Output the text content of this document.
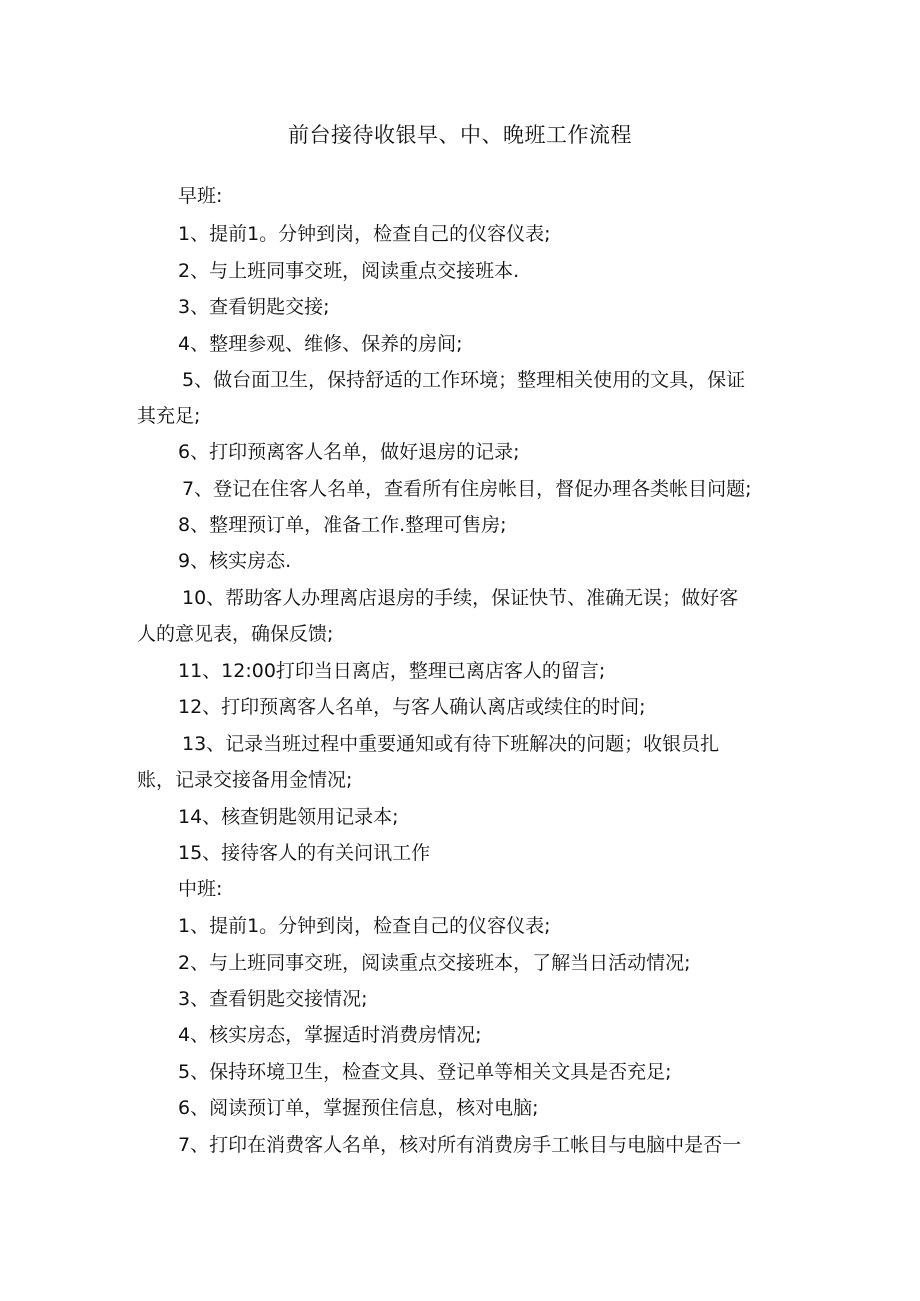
前台接待收银早、中、晚班工作流程
早班:
1、提前1。分钟到岗，检查自己的仪容仪表;
2、与上班同事交班，阅读重点交接班本.
3、查看钥匙交接;
4、整理参观、维修、保养的房间;
5、做台面卫生，保持舒适的工作环境；整理相关使用的文具，保证
其充足;
6、打印预离客人名单，做好退房的记录;
7、登记在住客人名单，查看所有住房帐目，督促办理各类帐目问题;
8、整理预订单，准备工作.整理可售房;
9、核实房态.
10、帮助客人办理离店退房的手续，保证快节、准确无误；做好客
人的意见表，确保反馈;
11、12:00打印当日离店，整理已离店客人的留言;
12、打印预离客人名单，与客人确认离店或续住的时间;
13、记录当班过程中重要通知或有待下班解决的问题；收银员扎
账，记录交接备用金情况;
14、核查钥匙领用记录本;
15、接待客人的有关问讯工作
中班:
1、提前1。分钟到岗，检查自己的仪容仪表;
2、与上班同事交班，阅读重点交接班本，了解当日活动情况;
3、查看钥匙交接情况;
4、核实房态，掌握适时消费房情况;
5、保持环境卫生，检查文具、登记单等相关文具是否充足;
6、阅读预订单，掌握预住信息，核对电脑;
7、打印在消费客人名单，核对所有消费房手工帐目与电脑中是否一
